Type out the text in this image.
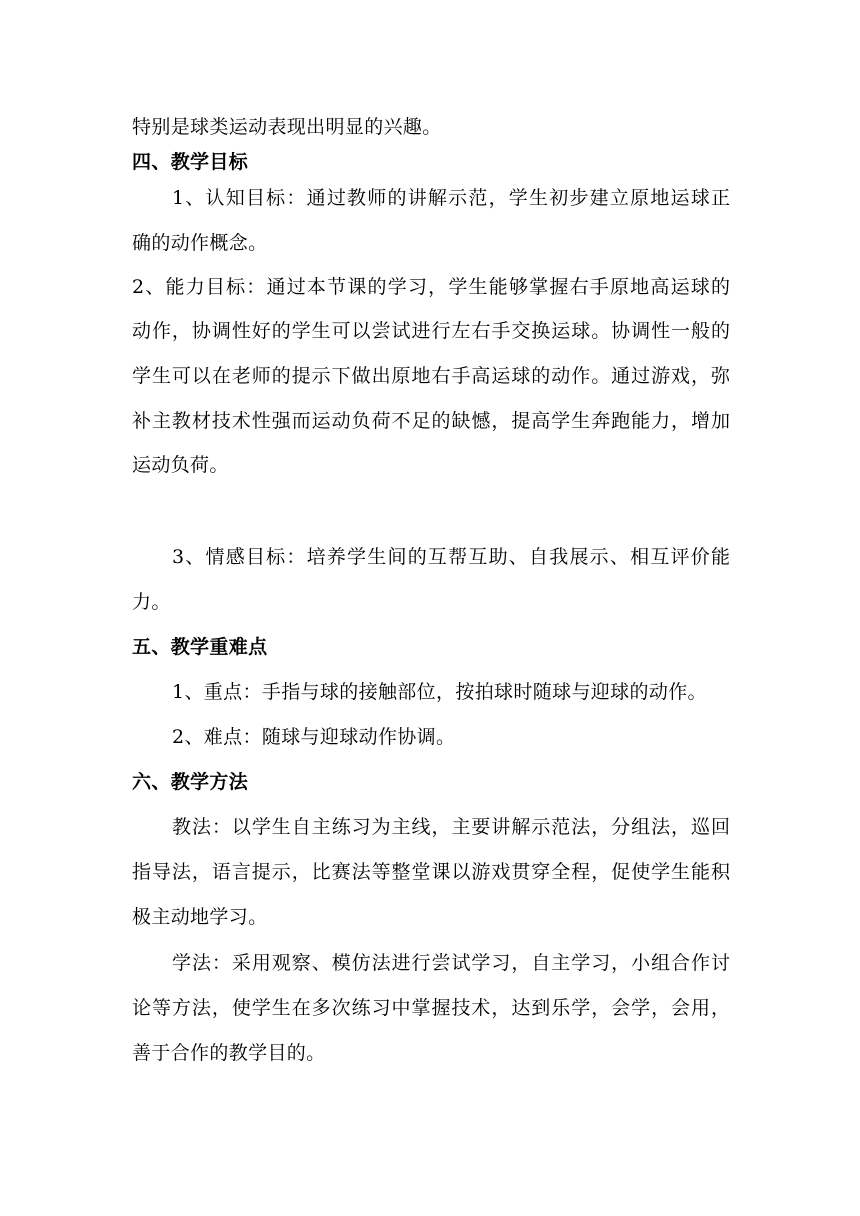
特别是球类运动表现出明显的兴趣。
四、教学目标
1、认知目标：通过教师的讲解示范，学生初步建立原地运球正
确的动作概念。
2、能力目标：通过本节课的学习，学生能够掌握右手原地高运球的
动作，协调性好的学生可以尝试进行左右手交换运球。协调性一般的
学生可以在老师的提示下做出原地右手高运球的动作。通过游戏，弥
补主教材技术性强而运动负荷不足的缺憾，提高学生奔跑能力，增加
运动负荷。
3、情感目标：培养学生间的互帮互助、自我展示、相互评价能
力。
五、教学重难点
1、重点：手指与球的接触部位，按拍球时随球与迎球的动作。
2、难点：随球与迎球动作协调。
六、教学方法
教法：以学生自主练习为主线，主要讲解示范法，分组法，巡回
指导法，语言提示，比赛法等整堂课以游戏贯穿全程，促使学生能积
极主动地学习。
学法：采用观察、模仿法进行尝试学习，自主学习，小组合作讨
论等方法，使学生在多次练习中掌握技术，达到乐学，会学，会用，
善于合作的教学目的。
